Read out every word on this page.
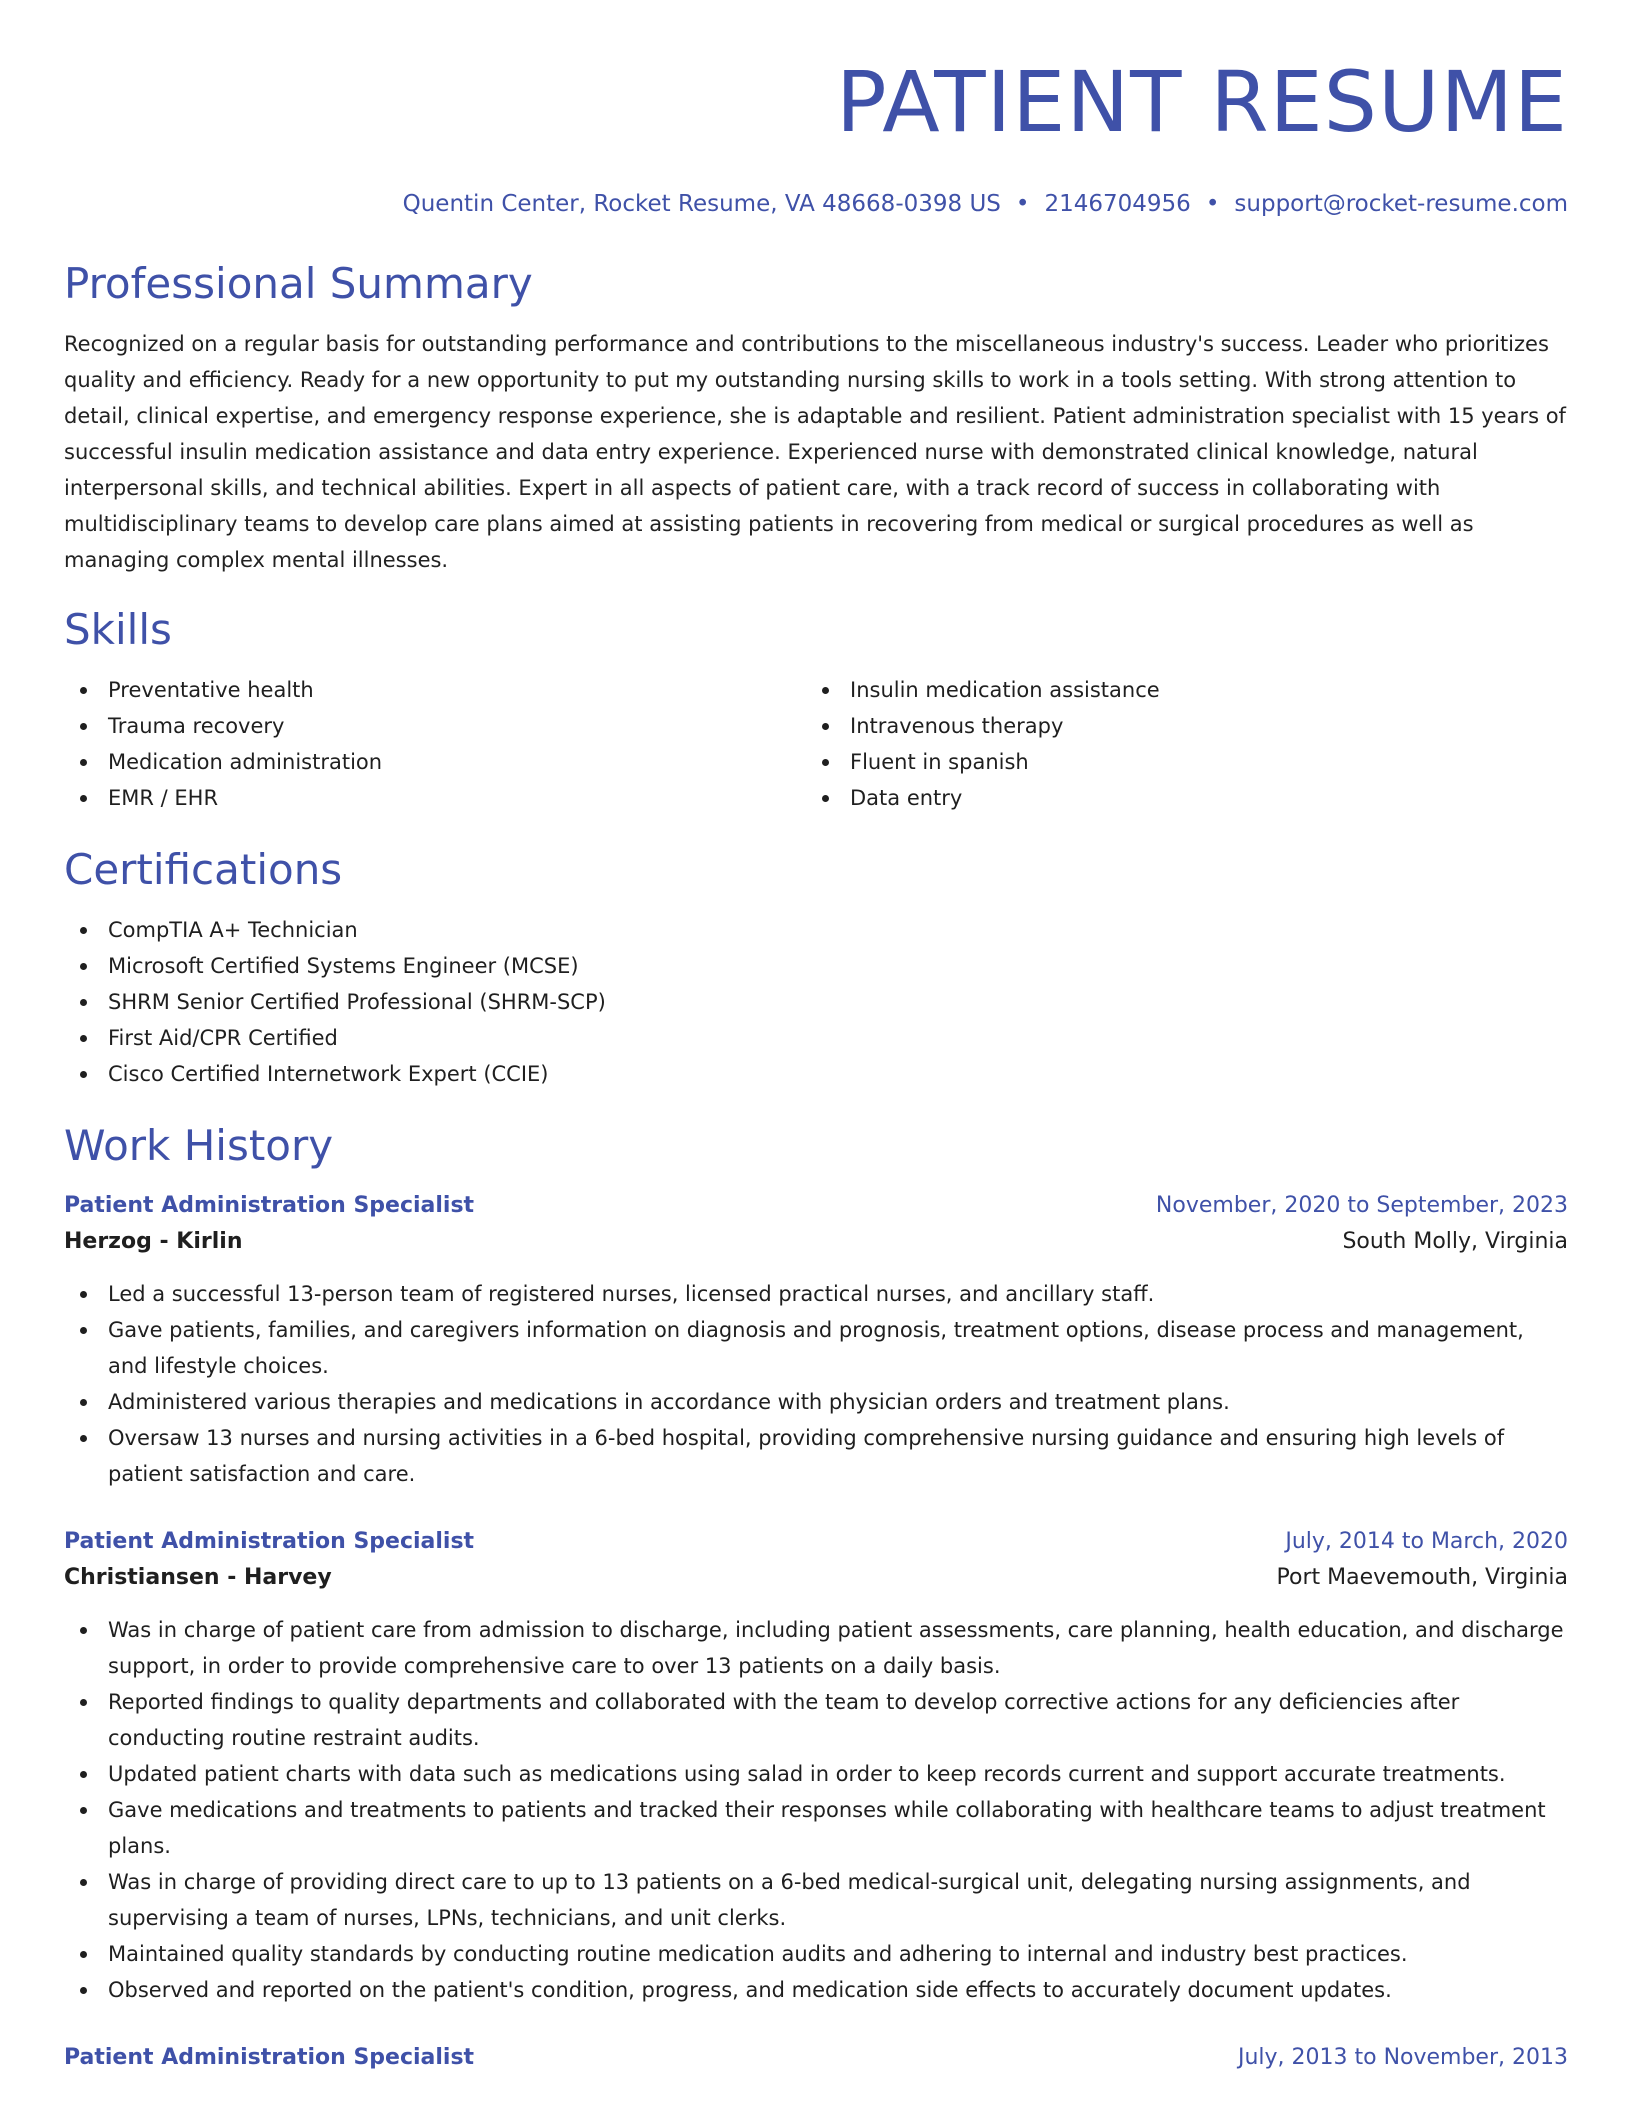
PATIENT RESUME
Quentin Center, Rocket Resume, VA 48668-0398 US • 2146704956 • support@rocket-resume.com
Professional Summary

Recognized on a regular basis for outstanding performance and contributions to the miscellaneous industry's success. Leader who prioritizes quality and efficiency. Ready for a new opportunity to put my outstanding nursing skills to work in a tools setting. With strong attention to detail, clinical expertise, and emergency response experience, she is adaptable and resilient. Patient administration specialist with 15 years of successful insulin medication assistance and data entry experience. Experienced nurse with demonstrated clinical knowledge, natural interpersonal skills, and technical abilities. Expert in all aspects of patient care, with a track record of success in collaborating with multidisciplinary teams to develop care plans aimed at assisting patients in recovering from medical or surgical procedures as well as managing complex mental illnesses.

Skills
Preventative health
Trauma recovery
Medication administration
EMR / EHR
Insulin medication assistance
Intravenous therapy
Fluent in spanish
Data entry
Certifications
CompTIA A+ Technician
Microsoft Certified Systems Engineer (MCSE)
SHRM Senior Certified Professional (SHRM-SCP)
First Aid/CPR Certified
Cisco Certified Internetwork Expert (CCIE)
Work History
Patient Administration Specialist	November, 2020 to September, 2023
Herzog - Kirlin	South Molly, Virginia
Led a successful 13-person team of registered nurses, licensed practical nurses, and ancillary staff.
Gave patients, families, and caregivers information on diagnosis and prognosis, treatment options, disease process and management, and lifestyle choices.
Administered various therapies and medications in accordance with physician orders and treatment plans.
Oversaw 13 nurses and nursing activities in a 6-bed hospital, providing comprehensive nursing guidance and ensuring high levels of patient satisfaction and care.
Patient Administration Specialist	July, 2014 to March, 2020
Christiansen - Harvey	Port Maevemouth, Virginia
Was in charge of patient care from admission to discharge, including patient assessments, care planning, health education, and discharge support, in order to provide comprehensive care to over 13 patients on a daily basis.
Reported findings to quality departments and collaborated with the team to develop corrective actions for any deficiencies after conducting routine restraint audits.
Updated patient charts with data such as medications using salad in order to keep records current and support accurate treatments.
Gave medications and treatments to patients and tracked their responses while collaborating with healthcare teams to adjust treatment plans.
Was in charge of providing direct care to up to 13 patients on a 6-bed medical-surgical unit, delegating nursing assignments, and supervising a team of nurses, LPNs, technicians, and unit clerks.
Maintained quality standards by conducting routine medication audits and adhering to internal and industry best practices.
Observed and reported on the patient's condition, progress, and medication side effects to accurately document updates.
Patient Administration Specialist	July, 2013 to November, 2013
